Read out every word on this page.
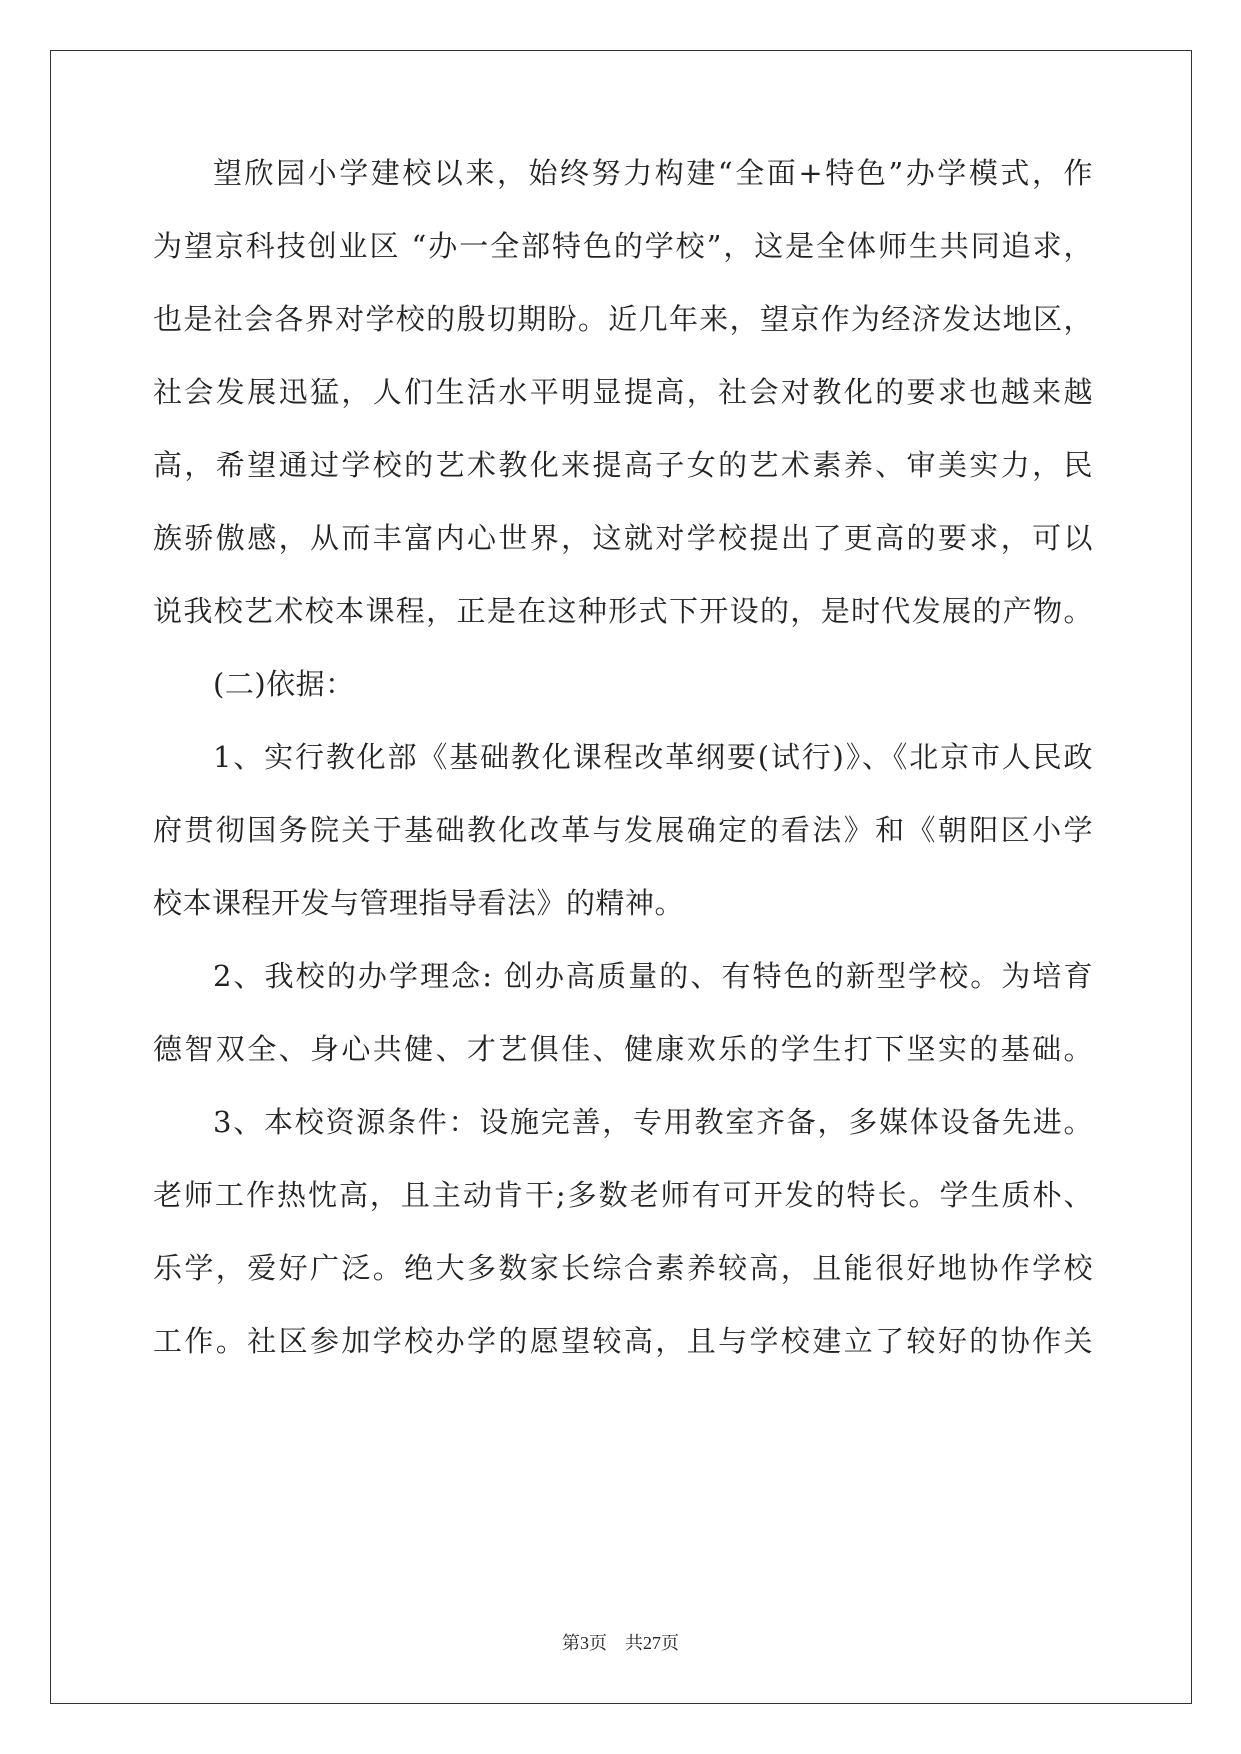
望欣园小学建校以来，始终努力构建“全面+特色”办学模式，作
为望京科技创业区 “办一全部特色的学校”，这是全体师生共同追求，
也是社会各界对学校的殷切期盼。近几年来，望京作为经济发达地区，
社会发展迅猛，人们生活水平明显提高，社会对教化的要求也越来越
高，希望通过学校的艺术教化来提高子女的艺术素养、审美实力，民
族骄傲感，从而丰富内心世界，这就对学校提出了更高的要求，可以
说我校艺术校本课程，正是在这种形式下开设的，是时代发展的产物。
(二)依据：
1、实行教化部《基础教化课程改革纲要(试行)》、《北京市人民政
府贯彻国务院关于基础教化改革与发展确定的看法》和《朝阳区小学
校本课程开发与管理指导看法》的精神。
2、我校的办学理念: 创办高质量的、有特色的新型学校。为培育
德智双全、身心共健、才艺俱佳、健康欢乐的学生打下坚实的基础。
3、本校资源条件：设施完善，专用教室齐备，多媒体设备先进。
老师工作热忱高，且主动肯干;多数老师有可开发的特长。学生质朴、
乐学，爱好广泛。绝大多数家长综合素养较高，且能很好地协作学校
工作。社区参加学校办学的愿望较高，且与学校建立了较好的协作关
第3页　共27页
